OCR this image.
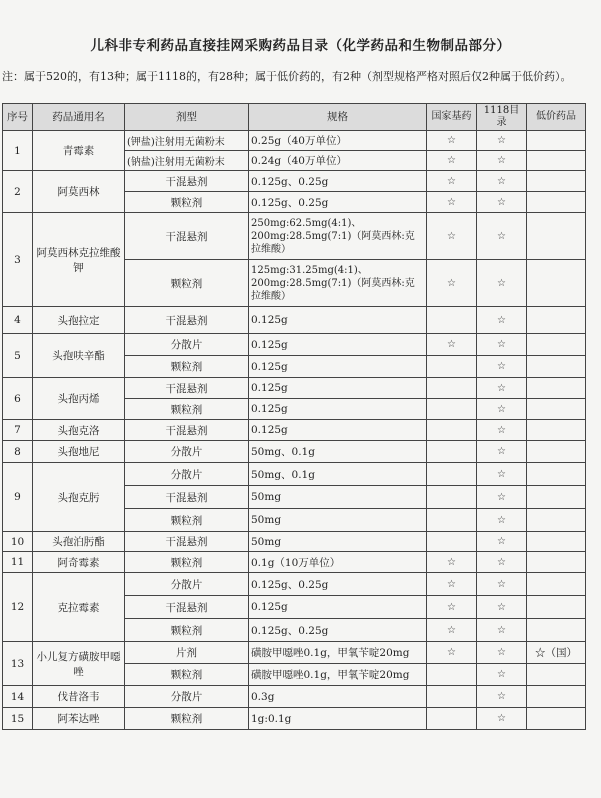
儿科非专利药品直接挂网采购药品目录（化学药品和生物制品部分）
注：属于520的，有13种；属于1118的，有28种；属于低价药的，有2种（剂型规格严格对照后仅2种属于低价药）。
序号	药品通用名	剂型	规格	国家基药	1118目录	低价药品
1	青霉素	(钾盐)注射用无菌粉末	0.25g（40万单位）	☆	☆	
		(钠盐)注射用无菌粉末	0.24g（40万单位）	☆	☆	
2	阿莫西林	干混悬剂	0.125g、0.25g	☆	☆	
		颗粒剂	0.125g、0.25g	☆	☆	
3	阿莫西林克拉维酸钾	干混悬剂	250mg:62.5mg(4:1)、200mg:28.5mg(7:1)（阿莫西林:克拉维酸）	☆	☆	
		颗粒剂	125mg:31.25mg(4:1)、200mg:28.5mg(7:1)（阿莫西林:克拉维酸）	☆	☆	
4	头孢拉定	干混悬剂	0.125g		☆	
5	头孢呋辛酯	分散片	0.125g	☆	☆	
		颗粒剂	0.125g		☆	
6	头孢丙烯	干混悬剂	0.125g		☆	
		颗粒剂	0.125g		☆	
7	头孢克洛	干混悬剂	0.125g		☆	
8	头孢地尼	分散片	50mg、0.1g		☆	
9	头孢克肟	分散片	50mg、0.1g		☆	
		干混悬剂	50mg		☆	
		颗粒剂	50mg		☆	
10	头孢泊肟酯	干混悬剂	50mg		☆	
11	阿奇霉素	颗粒剂	0.1g（10万单位）	☆	☆	
12	克拉霉素	分散片	0.125g、0.25g	☆	☆	
		干混悬剂	0.125g	☆	☆	
		颗粒剂	0.125g、0.25g	☆	☆	
13	小儿复方磺胺甲噁唑	片剂	磺胺甲噁唑0.1g，甲氧苄啶20mg	☆	☆	☆（国）
		颗粒剂	磺胺甲噁唑0.1g，甲氧苄啶20mg		☆	
14	伐昔洛韦	分散片	0.3g		☆	
15	阿苯达唑	颗粒剂	1g:0.1g		☆	
